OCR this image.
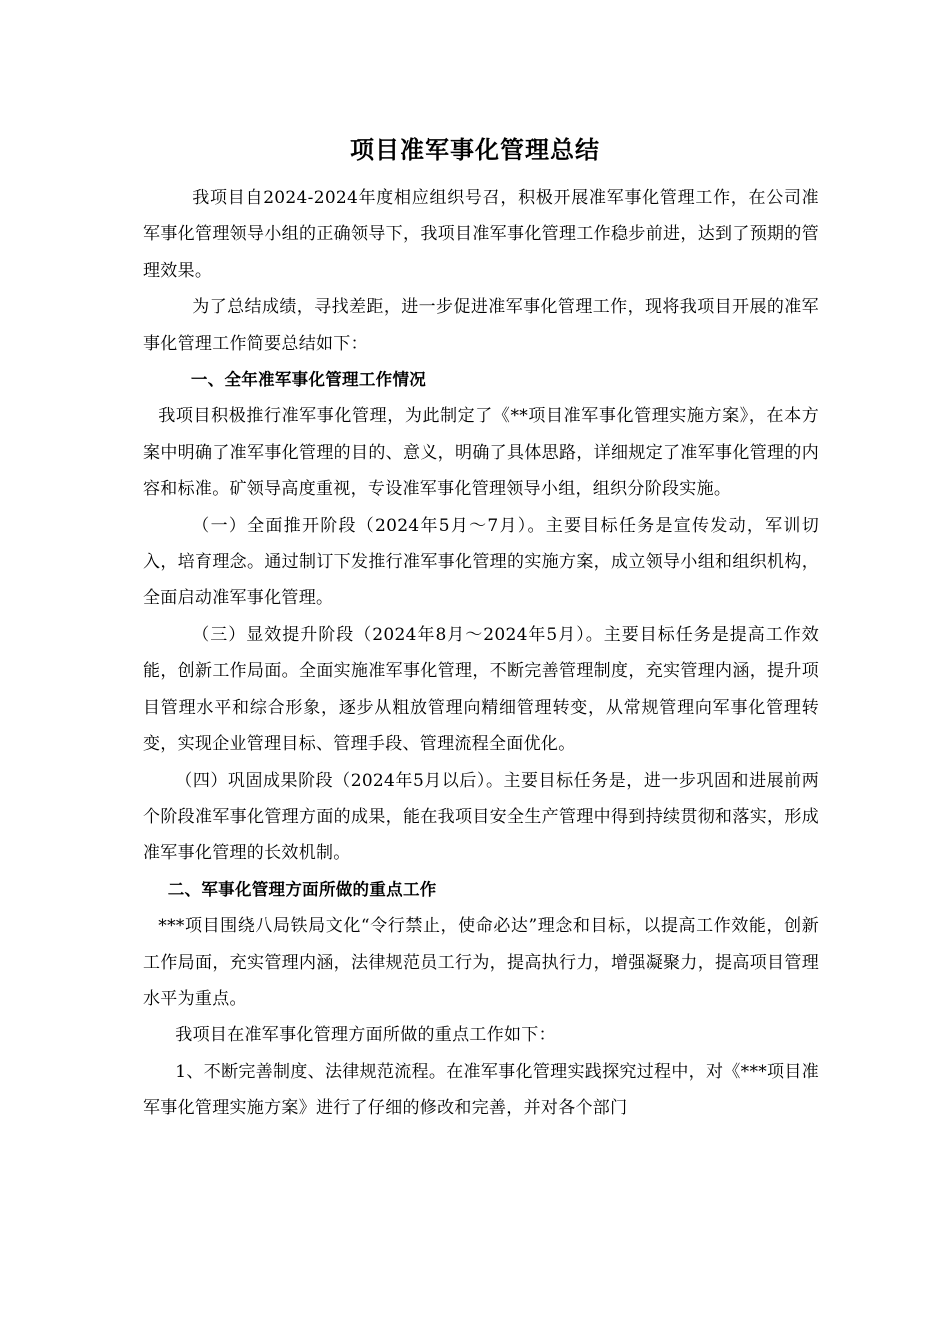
项目准军事化管理总结

我项目自2024-2024年度相应组织号召，积极开展准军事化管理工作，在公司准军事化管理领导小组的正确领导下，我项目准军事化管理工作稳步前进，达到了预期的管理效果。

为了总结成绩，寻找差距，进一步促进准军事化管理工作，现将我项目开展的准军事化管理工作简要总结如下：

一、全年准军事化管理工作情况

我项目积极推行准军事化管理，为此制定了《**项目准军事化管理实施方案》，在本方案中明确了准军事化管理的目的、意义，明确了具体思路，详细规定了准军事化管理的内容和标准。矿领导高度重视，专设准军事化管理领导小组，组织分阶段实施。

（一）全面推开阶段（2024年5月～7月）。主要目标任务是宣传发动，军训切入，培育理念。通过制订下发推行准军事化管理的实施方案，成立领导小组和组织机构，全面启动准军事化管理。

（三）显效提升阶段（2024年8月～2024年5月）。主要目标任务是提高工作效能，创新工作局面。全面实施准军事化管理，不断完善管理制度，充实管理内涵，提升项目管理水平和综合形象，逐步从粗放管理向精细管理转变，从常规管理向军事化管理转变，实现企业管理目标、管理手段、管理流程全面优化。

（四）巩固成果阶段（2024年5月以后）。主要目标任务是，进一步巩固和进展前两个阶段准军事化管理方面的成果，能在我项目安全生产管理中得到持续贯彻和落实，形成准军事化管理的长效机制。

二、军事化管理方面所做的重点工作

***项目围绕八局铁局文化“令行禁止，使命必达”理念和目标，以提高工作效能，创新工作局面，充实管理内涵，法律规范员工行为，提高执行力，增强凝聚力，提高项目管理水平为重点。

我项目在准军事化管理方面所做的重点工作如下：

1、不断完善制度、法律规范流程。在准军事化管理实践探究过程中，对《***项目准军事化管理实施方案》进行了仔细的修改和完善，并对各个部门
